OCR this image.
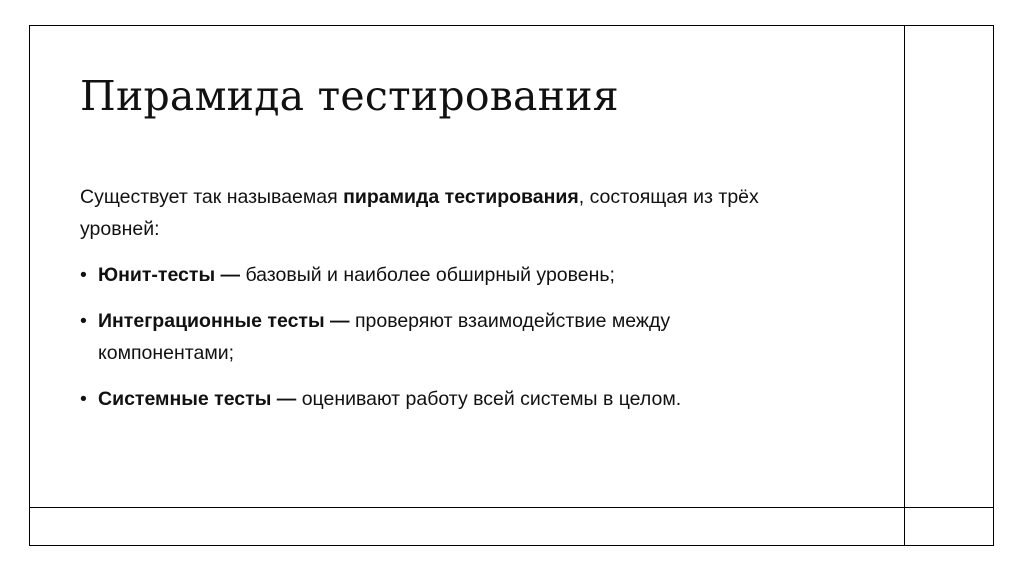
Пирамида тестирования

Существует так называемая пирамида тестирования, состоящая из трёх уровней:

• Юнит-тесты — базовый и наиболее обширный уровень;
• Интеграционные тесты — проверяют взаимодействие между компонентами;
• Системные тесты — оценивают работу всей системы в целом.
